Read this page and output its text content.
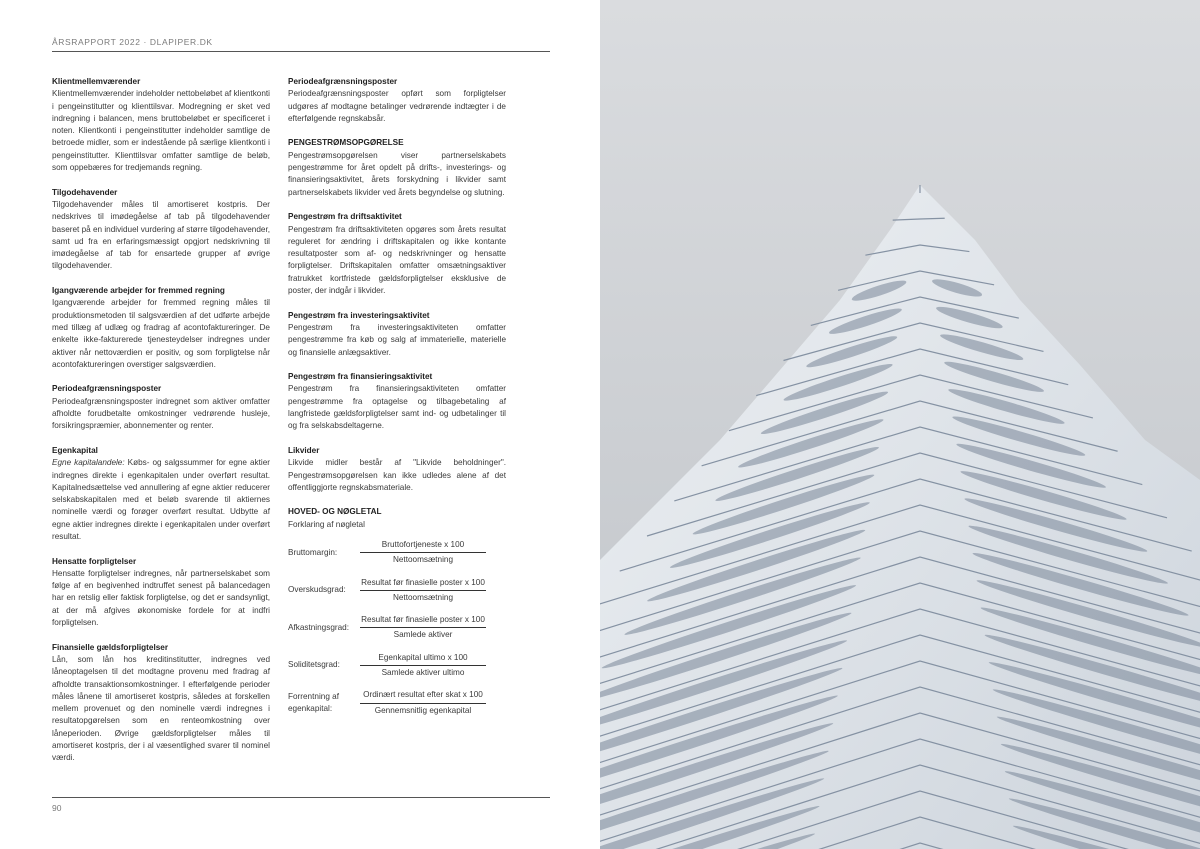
ÅRSRAPPORT 2022 · DLAPIPER.DK
Klientmellemværender

Klientmellemværender indeholder nettobeløbet af klientkonti i pengeinstitutter og klienttilsvar. Modregning er sket ved indregning i balancen, mens bruttobeløbet er specificeret i noten. Klientkonti i pengeinstitutter indeholder samtlige de betroede midler, som er indestående på særlige klientkonti i pengeinstitutter. Klienttilsvar omfatter samtlige de beløb, som oppebæres for tredjemands regning.

Tilgodehavender

Tilgodehavender måles til amortiseret kostpris. Der nedskrives til imødegåelse af tab på tilgodehavender baseret på en individuel vurdering af større tilgodehavender, samt ud fra en erfaringsmæssigt opgjort nedskrivning til imødegåelse af tab for ensartede grupper af øvrige tilgodehavender.

Igangværende arbejder for fremmed regning

Igangværende arbejder for fremmed regning måles til produktionsmetoden til salgsværdien af det udførte arbejde med tillæg af udlæg og fradrag af acontofaktureringer. De enkelte ikke-fakturerede tjenesteydelser indregnes under aktiver når nettoværdien er positiv, og som forpligtelse når acontofaktureringen overstiger salgsværdien.

Periodeafgrænsningsposter

Periodeafgrænsningsposter indregnet som aktiver omfatter afholdte forudbetalte omkostninger vedrørende husleje, forsikringspræmier, abonnementer og renter.

Egenkapital

Egne kapitalandele: Købs- og salgssummer for egne aktier indregnes direkte i egenkapitalen under overført resultat. Kapitalnedsættelse ved annullering af egne aktier reducerer selskabskapitalen med et beløb svarende til aktiernes nominelle værdi og forøger overført resultat. Udbytte af egne aktier indregnes direkte i egenkapitalen under overført resultat.

Hensatte forpligtelser

Hensatte forpligtelser indregnes, når partnerselskabet som følge af en begivenhed indtruffet senest på balancedagen har en retslig eller faktisk forpligtelse, og det er sandsynligt, at der må afgives økonomiske fordele for at indfri forpligtelsen.

Finansielle gældsforpligtelser

Lån, som lån hos kreditinstitutter, indregnes ved låneoptagelsen til det modtagne provenu med fradrag af afholdte transaktionsomkostninger. I efterfølgende perioder måles lånene til amortiseret kostpris, således at forskellen mellem provenuet og den nominelle værdi indregnes i resultatopgørelsen som en renteomkostning over låneperioden. Øvrige gældsforpligtelser måles til amortiseret kostpris, der i al væsentlighed svarer til nominel værdi.

Periodeafgrænsningsposter

Periodeafgrænsningsposter opført som forpligtelser udgøres af modtagne betalinger vedrørende indtægter i de efterfølgende regnskabsår.

PENGESTRØMSOPGØRELSE

Pengestrømsopgørelsen viser partnerselskabets pengestrømme for året opdelt på drifts-, investerings- og finansieringsaktivitet, årets forskydning i likvider samt partnerselskabets likvider ved årets begyndelse og slutning.

Pengestrøm fra driftsaktivitet

Pengestrøm fra driftsaktiviteten opgøres som årets resultat reguleret for ændring i driftskapitalen og ikke kontante resultatposter som af- og nedskrivninger og hensatte forpligtelser. Driftskapitalen omfatter omsætningsaktiver fratrukket kortfristede gældsforpligtelser eksklusive de poster, der indgår i likvider.

Pengestrøm fra investeringsaktivitet

Pengestrøm fra investeringsaktiviteten omfatter pengestrømme fra køb og salg af immaterielle, materielle og finansielle anlægsaktiver.

Pengestrøm fra finansieringsaktivitet

Pengestrøm fra finansieringsaktiviteten omfatter pengestrømme fra optagelse og tilbagebetaling af langfristede gældsforpligtelser samt ind- og udbetalinger til og fra selskabsdeltagerne.

Likvider

Likvide midler består af "Likvide beholdninger". Pengestrømsopgørelsen kan ikke udledes alene af det offentliggjorte regnskabsmateriale.

HOVED- OG NØGLETAL

Forklaring af nøgletal

Bruttomargin:	$\frac{\text{Bruttofortjeneste x 100}}{\text{Nettoomsætning}}$
Overskudsgrad:	$\frac{\text{Resultat før finasielle poster x 100}}{\text{Nettoomsætning}}$
Afkastningsgrad:	$\frac{\text{Resultat før finasielle poster x 100}}{\text{Samlede aktiver}}$
Soliditetsgrad:	$\frac{\text{Egenkapital ultimo x 100}}{\text{Samlede aktiver ultimo}}$
Forrentning af egenkapital:	$\frac{\text{Ordinært resultat efter skat x 100}}{\text{Gennemsnitlig egenkapital}}$
90
